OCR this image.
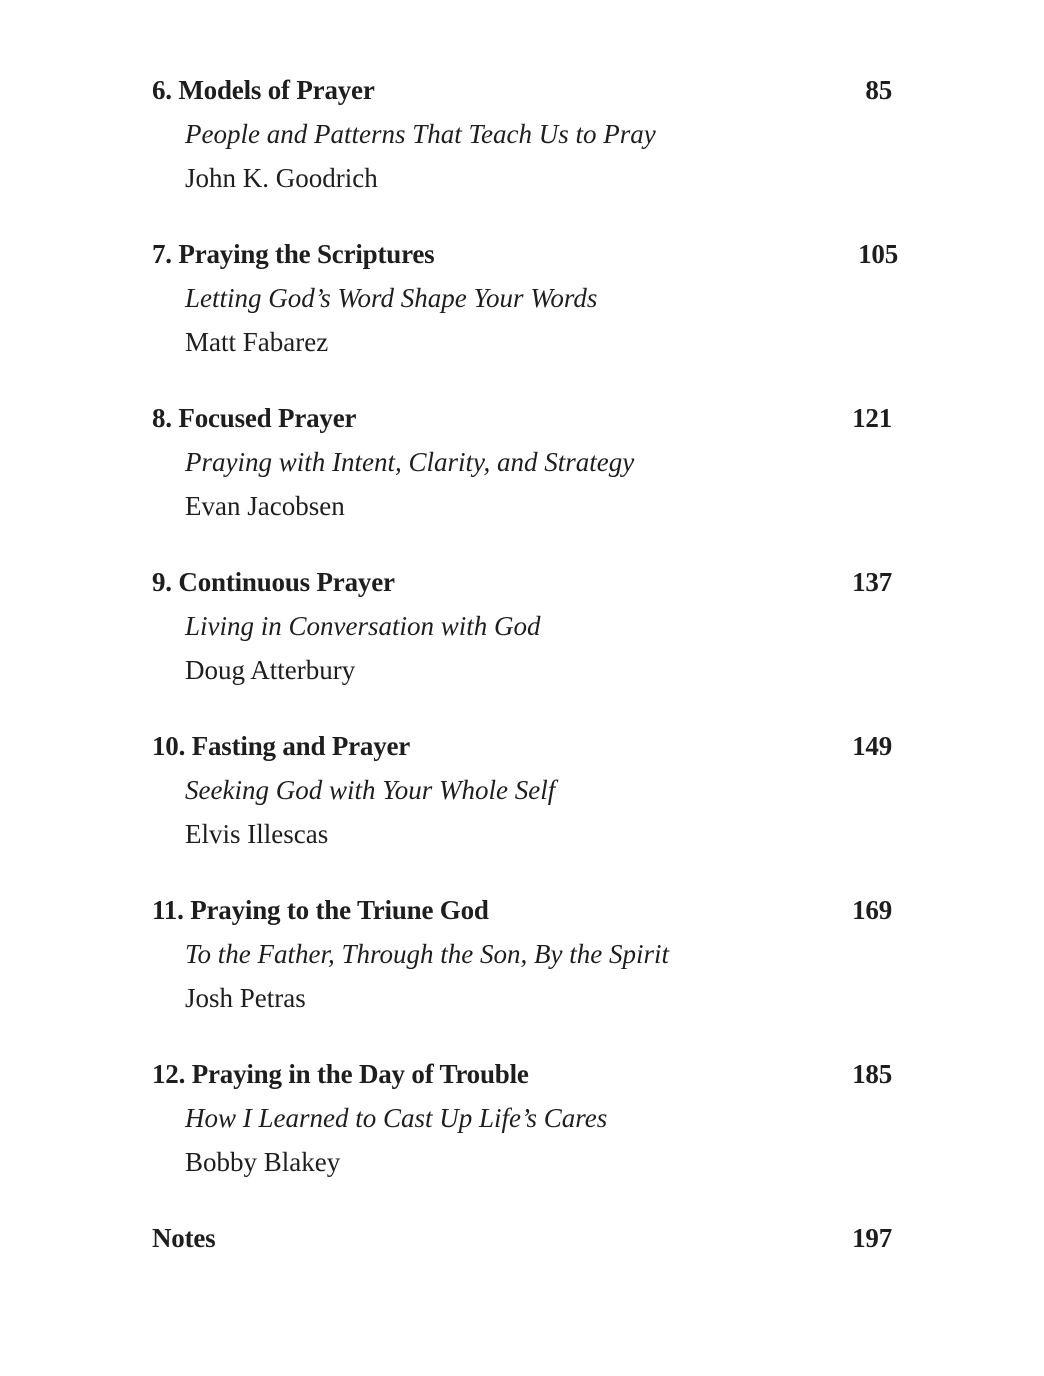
6. Models of Prayer	85
People and Patterns That Teach Us to Pray
John K. Goodrich
7. Praying the Scriptures	105
Letting God’s Word Shape Your Words
Matt Fabarez
8. Focused Prayer	121
Praying with Intent, Clarity, and Strategy
Evan Jacobsen
9. Continuous Prayer	137
Living in Conversation with God
Doug Atterbury
10. Fasting and Prayer	149
Seeking God with Your Whole Self
Elvis Illescas
11. Praying to the Triune God	169
To the Father, Through the Son, By the Spirit
Josh Petras
12. Praying in the Day of Trouble	185
How I Learned to Cast Up Life’s Cares
Bobby Blakey
Notes	197
